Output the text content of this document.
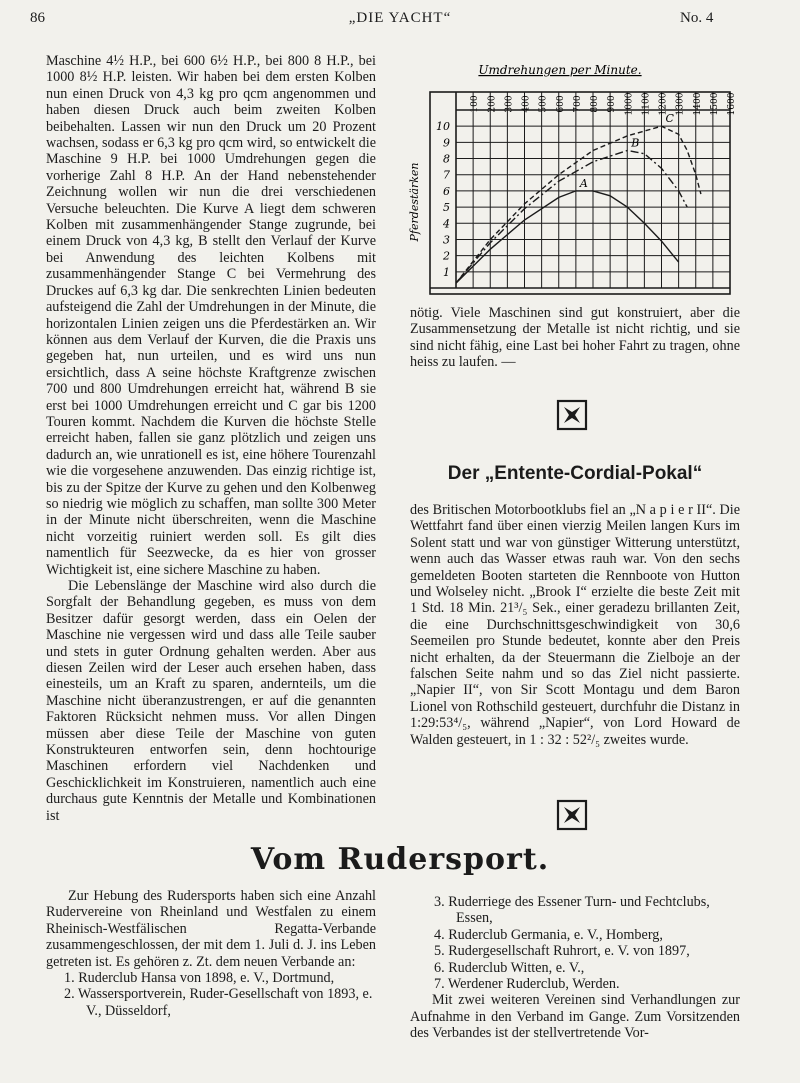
86	„DIE YACHT“	No. 4

Maschine 4½ H.P., bei 600 6½ H.P., bei 800 8 H.P., bei 1000 8½ H.P. leisten. Wir haben bei dem ersten Kolben nun einen Druck von 4,3 kg pro qcm angenommen und haben diesen Druck auch beim zweiten Kolben beibehalten. Lassen wir nun den Druck um 20 Prozent wachsen, sodass er 6,3 kg pro qcm wird, so entwickelt die Maschine 9 H.P. bei 1000 Umdrehungen gegen die vorherige Zahl 8 H.P. An der Hand nebenstehender Zeichnung wollen wir nun die drei verschiedenen Versuche beleuchten. Die Kurve A liegt dem schweren Kolben mit zusammenhängender Stange zugrunde, bei einem Druck von 4,3 kg, B stellt den Verlauf der Kurve bei Anwendung des leichten Kolbens mit zusammenhängender Stange C bei Vermehrung des Druckes auf 6,3 kg dar. Die senkrechten Linien bedeuten aufsteigend die Zahl der Umdrehungen in der Minute, die horizontalen Linien zeigen uns die Pferdestärken an. Wir können aus dem Verlauf der Kurven, die die Praxis uns gegeben hat, nun urteilen, und es wird uns nun ersichtlich, dass A seine höchste Kraftgrenze zwischen 700 und 800 Umdrehungen erreicht hat, während B sie erst bei 1000 Umdrehungen erreicht und C gar bis 1200 Touren kommt. Nachdem die Kurven die höchste Stelle erreicht haben, fallen sie ganz plötzlich und zeigen uns dadurch an, wie unrationell es ist, eine höhere Tourenzahl wie die vorgesehene anzuwenden. Das einzig richtige ist, bis zu der Spitze der Kurve zu gehen und den Kolbenweg so niedrig wie möglich zu schaffen, man sollte 300 Meter in der Minute nicht überschreiten, wenn die Maschine nicht vorzeitig ruiniert werden soll. Es gilt dies namentlich für Seezwecke, da es hier von grosser Wichtigkeit ist, eine sichere Maschine zu haben.

Die Lebenslänge der Maschine wird also durch die Sorgfalt der Behandlung gegeben, es muss von dem Besitzer dafür gesorgt werden, dass ein Oelen der Maschine nie vergessen wird und dass alle Teile sauber und stets in guter Ordnung gehalten werden. Aber aus diesen Zeilen wird der Leser auch ersehen haben, dass einesteils, um an Kraft zu sparen, andernteils, um die Maschine nicht überanzustrengen, er auf die genannten Faktoren Rücksicht nehmen muss. Vor allen Dingen müssen aber diese Teile der Maschine von guten Konstrukteuren entworfen sein, denn hochtourige Maschinen erfordern viel Nachdenken und Geschicklichkeit im Konstruieren, namentlich auch eine durchaus gute Kenntnis der Metalle und Kombinationen ist

100 200 300 400 500 600 700 800 900 1000 1100 1200 1300 1400 1500 1600
1
2
3
4
5
6
7
8
9
10
Umdrehungen per Minute.
Pferdestärken	A
B
C

nötig. Viele Maschinen sind gut konstruiert, aber die Zusammensetzung der Metalle ist nicht richtig, und sie sind nicht fähig, eine Last bei hoher Fahrt zu tragen, ohne heiss zu laufen. —

Der „Entente-Cordial-Pokal“

des Britischen Motorbootklubs fiel an „N a p i e r II“. Die Wettfahrt fand über einen vierzig Meilen langen Kurs im Solent statt und war von günstiger Witterung unterstützt, wenn auch das Wasser etwas rauh war. Von den sechs gemeldeten Booten starteten die Rennboote von Hutton und Wolseley nicht. „Brook I“ erzielte die beste Zeit mit 1 Std. 18 Min. 21³/₅ Sek., einer geradezu brillanten Zeit, die eine Durchschnittsgeschwindigkeit von 30,6 Seemeilen pro Stunde bedeutet, konnte aber den Preis nicht erhalten, da der Steuermann die Zielboje an der falschen Seite nahm und so das Ziel nicht passierte. „Napier II“, von Sir Scott Montagu und dem Baron Lionel von Rothschild gesteuert, durchfuhr die Distanz in 1:29:53⁴/₅, während „Napier“, von Lord Howard de Walden gesteuert, in 1 : 32 : 52²/₅ zweites wurde.

Vom Rudersport.

Zur Hebung des Rudersports haben sich eine Anzahl Rudervereine von Rheinland und Westfalen zu einem Rheinisch-Westfälischen Regatta-Verbande zusammengeschlossen, der mit dem 1. Juli d. J. ins Leben getreten ist. Es gehören z. Zt. dem neuen Verbande an:

1. Ruderclub Hansa von 1898, e. V., Dortmund,

2. Wassersportverein, Ruder-Gesellschaft von 1893, e. V., Düsseldorf,

3. Ruderriege des Essener Turn- und Fechtclubs, Essen,

4. Ruderclub Germania, e. V., Homberg,

5. Rudergesellschaft Ruhrort, e. V. von 1897,

6. Ruderclub Witten, e. V.,

7. Werdener Ruderclub, Werden.

Mit zwei weiteren Vereinen sind Verhandlungen zur Aufnahme in den Verband im Gange. Zum Vorsitzenden des Verbandes ist der stellvertretende Vor-
